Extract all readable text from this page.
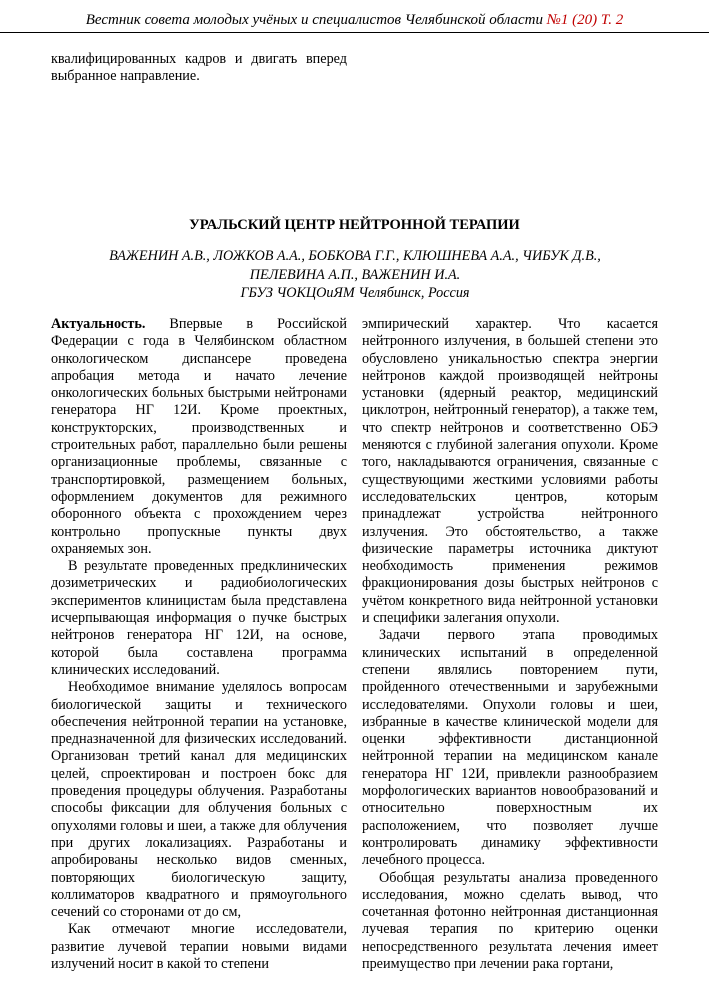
Вестник совета молодых учёных и специалистов Челябинской области №1 (20) Т. 2

квалифицированных кадров и двигать вперед выбранное направление.

УРАЛЬСКИЙ ЦЕНТР НЕЙТРОННОЙ ТЕРАПИИ
ВАЖЕНИН А.В., ЛОЖКОВ А.А., БОБКОВА Г.Г., КЛЮШНЕВА А.А., ЧИБУК Д.В.,
ПЕЛЕВИНА А.П., ВАЖЕНИН И.А.
ГБУЗ ЧОКЦОиЯМ Челябинск, Россия

Актуальность. Впервые в Российской Федерации с года в Челябинском областном онкологическом диспансере проведена апробация метода и начато лечение онкологических больных быстрыми нейтронами генератора НГ 12И. Кроме проектных, конструкторских, производственных и строительных работ, параллельно были решены организационные проблемы, связанные с транспортировкой, размещением больных, оформлением документов для режимного оборонного объекта с прохождением через контрольно пропускные пункты двух охраняемых зон.

В результате проведенных предклинических дозиметрических и радиобиологических экспериментов клиницистам была представлена исчерпывающая информация о пучке быстрых нейтронов генератора НГ 12И, на основе, которой была составлена программа клинических исследований.

Необходимое внимание уделялось вопросам биологической защиты и технического обеспечения нейтронной терапии на установке, предназначенной для физических исследований. Организован третий канал для медицинских целей, спроектирован и построен бокс для проведения процедуры облучения. Разработаны способы фиксации для облучения больных с опухолями головы и шеи, а также для облучения при других локализациях. Разработаны и апробированы несколько видов сменных, повторяющих биологическую защиту, коллиматоров квадратного и прямоугольного сечений со сторонами от до см,

Как отмечают многие исследователи, развитие лучевой терапии новыми видами излучений носит в какой то степени

эмпирический характер. Что касается нейтронного излучения, в большей степени это обусловлено уникальностью спектра энергии нейтронов каждой производящей нейтроны установки (ядерный реактор, медицинский циклотрон, нейтронный генератор), а также тем, что спектр нейтронов и соответственно ОБЭ меняются с глубиной залегания опухоли. Кроме того, накладываются ограничения, связанные с существующими жесткими условиями работы исследовательских центров, которым принадлежат устройства нейтронного излучения. Это обстоятельство, а также физические параметры источника диктуют необходимость применения режимов фракционирования дозы быстрых нейтронов с учётом конкретного вида нейтронной установки и специфики залегания опухоли.

Задачи первого этапа проводимых клинических испытаний в определенной степени являлись повторением пути, пройденного отечественными и зарубежными исследователями. Опухоли головы и шеи, избранные в качестве клинической модели для оценки эффективности дистанционной нейтронной терапии на медицинском канале генератора НГ 12И, привлекли разнообразием морфологических вариантов новообразований и относительно поверхностным их расположением, что позволяет лучше контролировать динамику эффективности лечебного процесса.

Обобщая результаты анализа проведенного исследования, можно сделать вывод, что сочетанная фотонно нейтронная дистанционная лучевая терапия по критерию оценки непосредственного результата лечения имеет преимущество при лечении рака гортани,
